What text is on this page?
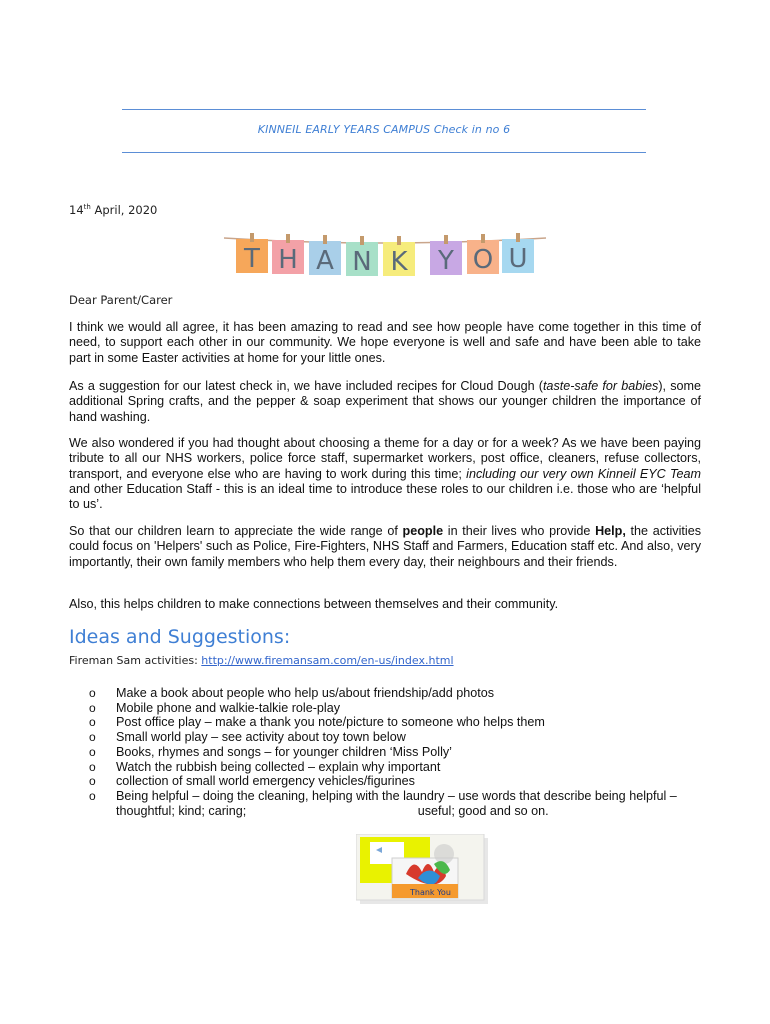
KINNEIL EARLY YEARS CAMPUS Check in no 6
14th April, 2020
T H A N K Y O U
Dear Parent/Carer
I think we would all agree, it has been amazing to read and see how people have come together in this time of need, to support each other in our community. We hope everyone is well and safe and have been able to take part in some Easter activities at home for your little ones.
As a suggestion for our latest check in, we have included recipes for Cloud Dough (taste-safe for babies), some additional Spring crafts, and the pepper & soap experiment that shows our younger children the importance of hand washing.
We also wondered if you had thought about choosing a theme for a day or for a week? As we have been paying tribute to all our NHS workers, police force staff, supermarket workers, post office, cleaners, refuse collectors, transport, and everyone else who are having to work during this time; including our very own Kinneil EYC Team and other Education Staff - this is an ideal time to introduce these roles to our children i.e. those who are ‘helpful to us’.
So that our children learn to appreciate the wide range of people in their lives who provide Help, the activities could focus on 'Helpers' such as Police, Fire-Fighters, NHS Staff and Farmers, Education staff etc. And also, very importantly, their own family members who help them every day, their neighbours and their friends.
Also, this helps children to make connections between themselves and their community.
Ideas and Suggestions:
Fireman Sam activities: http://www.firemansam.com/en-us/index.html
o Make a book about people who help us/about friendship/add photos
o Mobile phone and walkie-talkie role-play
o Post office play – make a thank you note/picture to someone who helps them
o Small world play – see activity about toy town below
o Books, rhymes and songs – for younger children ‘Miss Polly’
o Watch the rubbish being collected – explain why important
o collection of small world emergency vehicles/figurines
o Being helpful – doing the cleaning, helping with the laundry – use words that describe being helpful – thoughtful; kind; caring;	useful; good and so on.
Thank You
